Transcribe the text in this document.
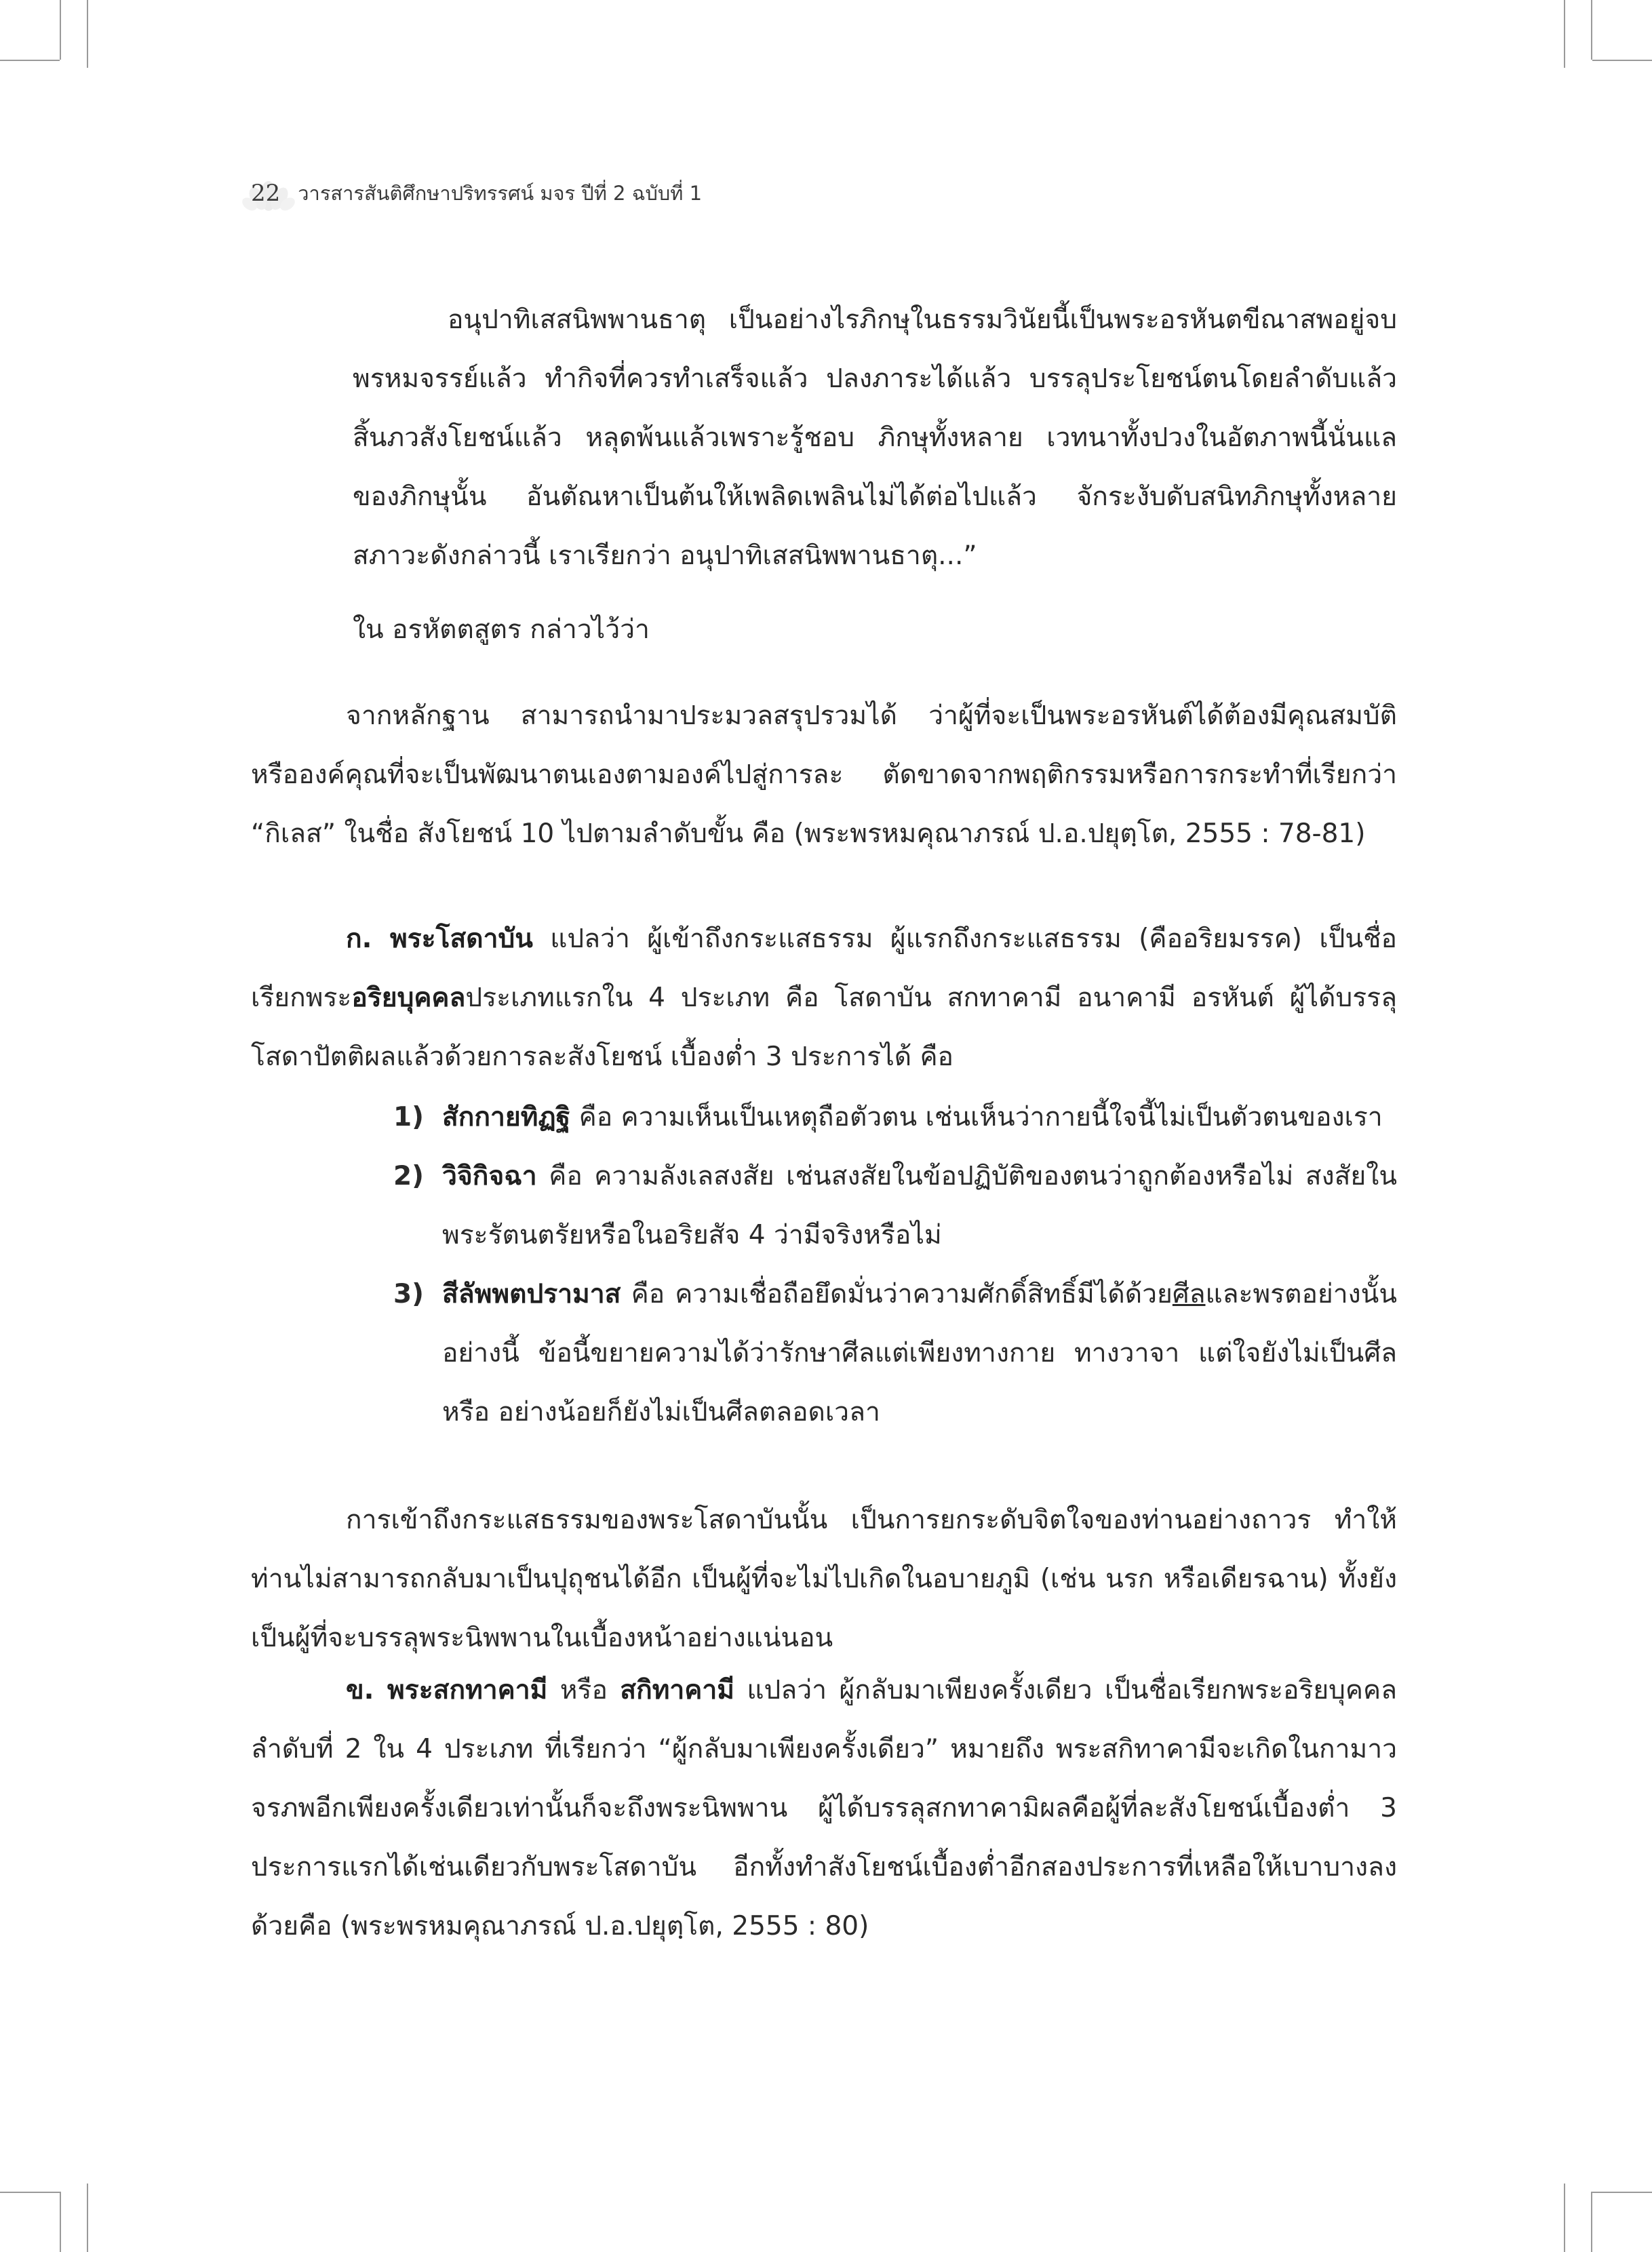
22 วารสารสันติศึกษาปริทรรศน์ มจร ปีที่ 2 ฉบับที่ 1

อนุปาทิเสสนิพพานธาตุ เป็นอย่างไรภิกษุในธรรมวินัยนี้เป็นพระอรหันตขีณาสพอยู่จบพรหมจรรย์แล้ว ทำกิจที่ควรทำเสร็จแล้ว ปลงภาระได้แล้ว บรรลุประโยชน์ตนโดยลำดับแล้ว สิ้นภวสังโยชน์แล้ว หลุดพ้นแล้วเพราะรู้ชอบ ภิกษุทั้งหลาย เวทนาทั้งปวงในอัตภาพนี้นั่นแลของภิกษุนั้น อันตัณหาเป็นต้นให้เพลิดเพลินไม่ได้ต่อไปแล้ว จักระงับดับสนิทภิกษุทั้งหลาย สภาวะดังกล่าวนี้ เราเรียกว่า อนุปาทิเสสนิพพานธาตุ...”

ใน อรหัตตสูตร กล่าวไว้ว่า

จากหลักฐาน สามารถนำมาประมวลสรุปรวมได้ ว่าผู้ที่จะเป็นพระอรหันต์ได้ต้องมีคุณสมบัติ หรือองค์คุณที่จะเป็นพัฒนาตนเองตามองค์ไปสู่การละ ตัดขาดจากพฤติกรรมหรือการกระทำที่เรียกว่า “กิเลส” ในชื่อ สังโยชน์ 10 ไปตามลำดับขั้น คือ (พระพรหมคุณาภรณ์ ป.อ.ปยุตฺโต, 2555 : 78-81)

ก. พระโสดาบัน แปลว่า ผู้เข้าถึงกระแสธรรม ผู้แรกถึงกระแสธรรม (คืออริยมรรค) เป็นชื่อเรียกพระอริยบุคคลประเภทแรกใน 4 ประเภท คือ โสดาบัน สกทาคามี อนาคามี อรหันต์ ผู้ได้บรรลุโสดาปัตติผลแล้วด้วยการละสังโยชน์ เบื้องต่ำ 3 ประการได้ คือ

1) สักกายทิฏฐิ คือ ความเห็นเป็นเหตุถือตัวตน เช่นเห็นว่ากายนี้ใจนี้ไม่เป็นตัวตนของเรา
2) วิจิกิจฉา คือ ความลังเลสงสัย เช่นสงสัยในข้อปฏิบัติของตนว่าถูกต้องหรือไม่ สงสัยในพระรัตนตรัยหรือในอริยสัจ 4 ว่ามีจริงหรือไม่
3) สีลัพพตปรามาส คือ ความเชื่อถือยึดมั่นว่าความศักดิ์สิทธิ์มีได้ด้วยศีลและพรตอย่างนั้นอย่างนี้ ข้อนี้ขยายความได้ว่ารักษาศีลแต่เพียงทางกาย ทางวาจา แต่ใจยังไม่เป็นศีล หรือ อย่างน้อยก็ยังไม่เป็นศีลตลอดเวลา

การเข้าถึงกระแสธรรมของพระโสดาบันนั้น เป็นการยกระดับจิตใจของท่านอย่างถาวร ทำให้ท่านไม่สามารถกลับมาเป็นปุถุชนได้อีก เป็นผู้ที่จะไม่ไปเกิดในอบายภูมิ (เช่น นรก หรือเดียรฉาน) ทั้งยังเป็นผู้ที่จะบรรลุพระนิพพานในเบื้องหน้าอย่างแน่นอน

ข. พระสกทาคามี หรือ สกิทาคามี แปลว่า ผู้กลับมาเพียงครั้งเดียว เป็นชื่อเรียกพระอริยบุคคลลำดับที่ 2 ใน 4 ประเภท ที่เรียกว่า “ผู้กลับมาเพียงครั้งเดียว” หมายถึง พระสกิทาคามีจะเกิดในกามาวจรภพอีกเพียงครั้งเดียวเท่านั้นก็จะถึงพระนิพพาน ผู้ได้บรรลุสกทาคามิผลคือผู้ที่ละสังโยชน์เบื้องต่ำ 3 ประการแรกได้เช่นเดียวกับพระโสดาบัน อีกทั้งทำสังโยชน์เบื้องต่ำอีกสองประการที่เหลือให้เบาบางลงด้วยคือ (พระพรหมคุณาภรณ์ ป.อ.ปยุตฺโต, 2555 : 80)
